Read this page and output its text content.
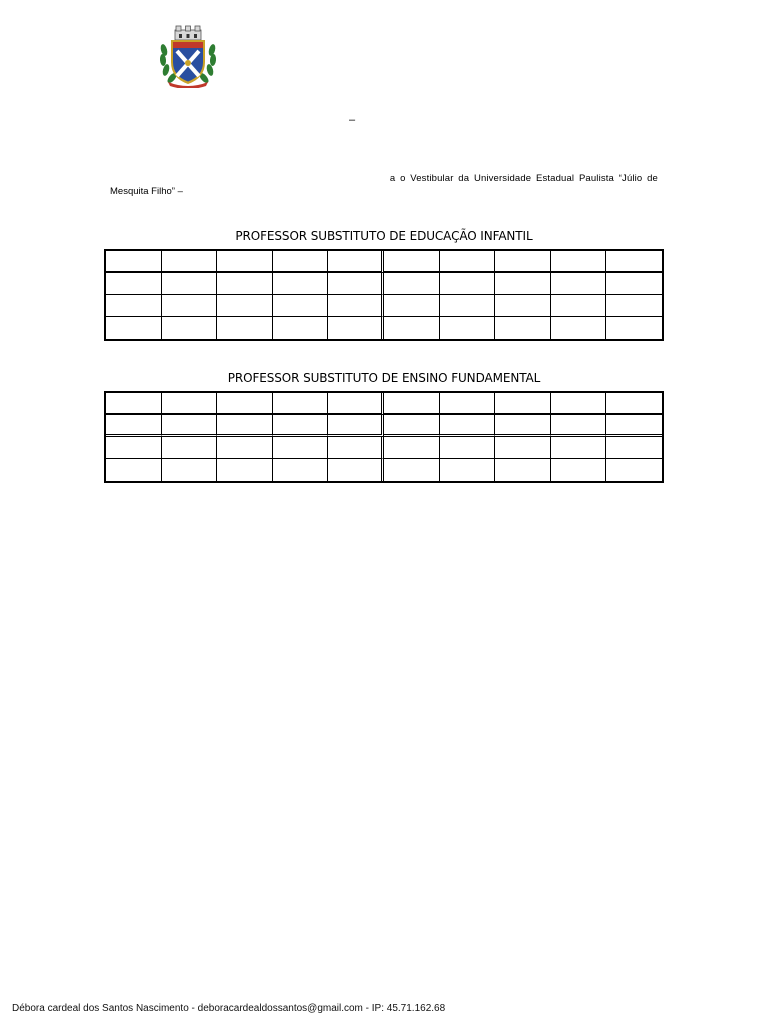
–
a o Vestibular da Universidade Estadual Paulista “Júlio de
Mesquita Filho” –
PROFESSOR SUBSTITUTO DE EDUCAÇÃO INFANTIL
PROFESSOR SUBSTITUTO DE ENSINO FUNDAMENTAL
Débora cardeal dos Santos Nascimento - deboracardealdossantos@gmail.com - IP: 45.71.162.68
